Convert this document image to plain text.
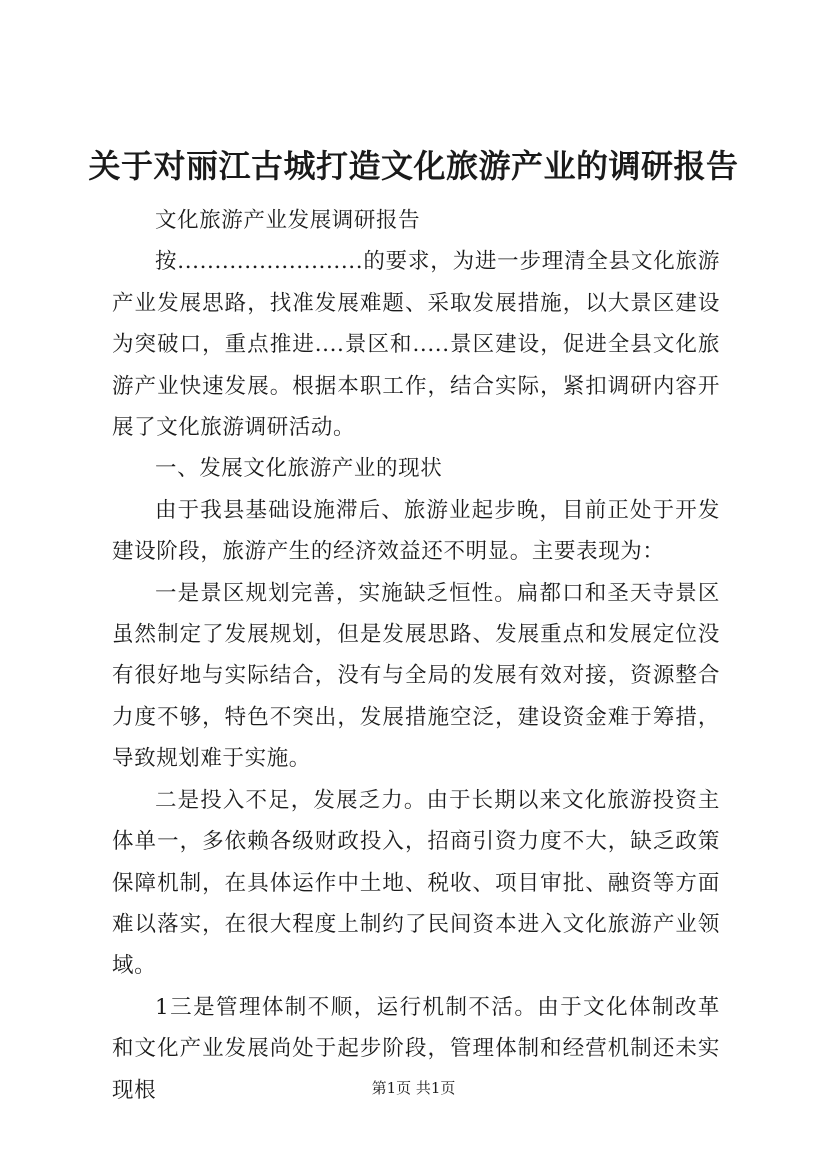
关于对丽江古城打造文化旅游产业的调研报告

文化旅游产业发展调研报告

按.........................的要求，为进一步理清全县文化旅游产业发展思路，找准发展难题、采取发展措施，以大景区建设为突破口，重点推进....景区和.....景区建设，促进全县文化旅游产业快速发展。根据本职工作，结合实际，紧扣调研内容开展了文化旅游调研活动。

一、发展文化旅游产业的现状

由于我县基础设施滞后、旅游业起步晚，目前正处于开发建设阶段，旅游产生的经济效益还不明显。主要表现为：

一是景区规划完善，实施缺乏恒性。扁都口和圣天寺景区虽然制定了发展规划，但是发展思路、发展重点和发展定位没有很好地与实际结合，没有与全局的发展有效对接，资源整合力度不够，特色不突出，发展措施空泛，建设资金难于筹措，导致规划难于实施。

二是投入不足，发展乏力。由于长期以来文化旅游投资主体单一，多依赖各级财政投入，招商引资力度不大，缺乏政策保障机制，在具体运作中土地、税收、项目审批、融资等方面难以落实，在很大程度上制约了民间资本进入文化旅游产业领域。

1三是管理体制不顺，运行机制不活。由于文化体制改革和文化产业发展尚处于起步阶段，管理体制和经营机制还未实现根	第1页 共1页
